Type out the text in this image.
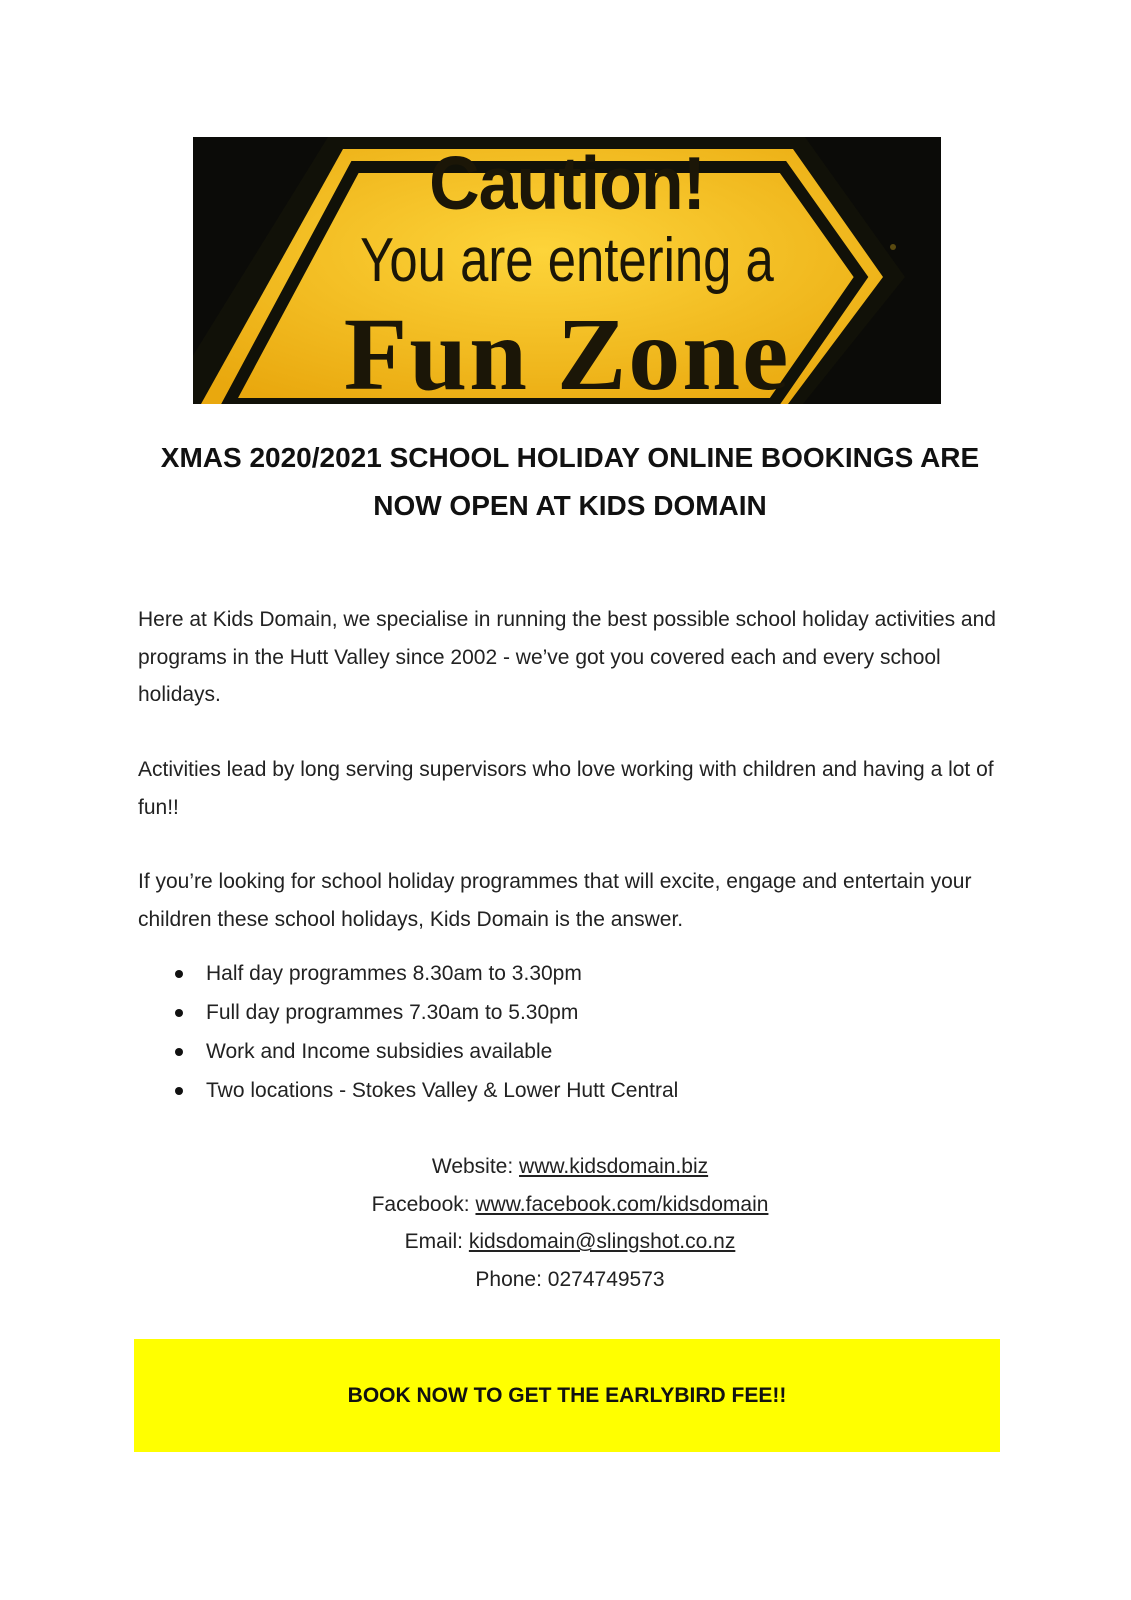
Caution!
You are entering a
Fun Zone
XMAS 2020/2021 SCHOOL HOLIDAY ONLINE BOOKINGS ARE
NOW OPEN AT KIDS DOMAIN

Here at Kids Domain, we specialise in running the best possible school holiday activities and programs in the Hutt Valley since 2002 - we’ve got you covered each and every school holidays.

Activities lead by long serving supervisors who love working with children and having a lot of fun!!

If you’re looking for school holiday programmes that will excite, engage and entertain your children these school holidays, Kids Domain is the answer.

Half day programmes 8.30am to 3.30pm
Full day programmes 7.30am to 5.30pm
Work and Income subsidies available
Two locations - Stokes Valley & Lower Hutt Central
Website: www.kidsdomain.biz
Facebook: www.facebook.com/kidsdomain
Email: kidsdomain@slingshot.co.nz
Phone: 0274749573
BOOK NOW TO GET THE EARLYBIRD FEE!!
